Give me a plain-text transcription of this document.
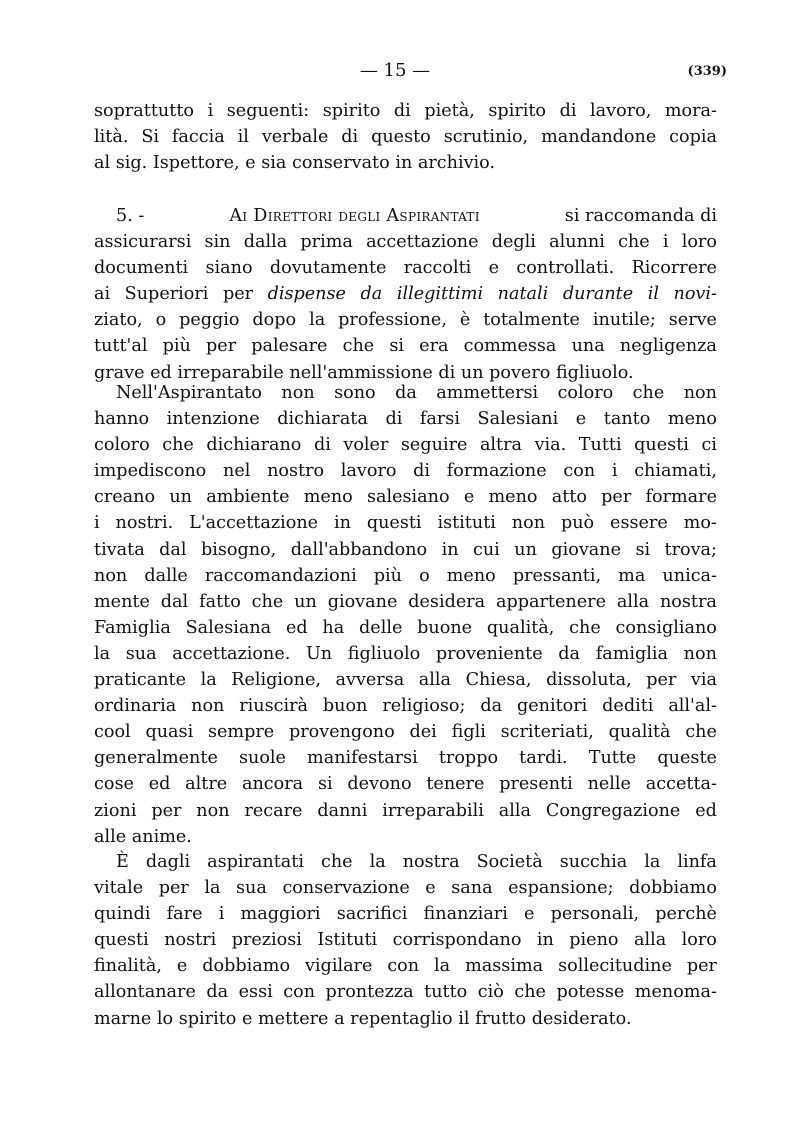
— 15 —	(339)
soprattutto i seguenti: spirito di pietà, spirito di lavoro, mora-
lità. Si faccia il verbale di questo scrutinio, mandandone copia
al sig. Ispettore, e sia conservato in archivio.
5. -	Ai Direttori degli Aspirantati	si raccomanda di
assicurarsi sin dalla prima accettazione degli alunni che i loro
documenti siano dovutamente raccolti e controllati. Ricorrere
ai Superiori per dispense da illegittimi natali durante il novi-
ziato, o peggio dopo la professione, è totalmente inutile; serve
tutt'al più per palesare che si era commessa una negligenza
grave ed irreparabile nell'ammissione di un povero figliuolo.
Nell'Aspirantato non sono da ammettersi coloro che non
hanno intenzione dichiarata di farsi Salesiani e tanto meno
coloro che dichiarano di voler seguire altra via. Tutti questi ci
impediscono nel nostro lavoro di formazione con i chiamati,
creano un ambiente meno salesiano e meno atto per formare
i nostri. L'accettazione in questi istituti non può essere mo-
tivata dal bisogno, dall'abbandono in cui un giovane si trova;
non dalle raccomandazioni più o meno pressanti, ma unica-
mente dal fatto che un giovane desidera appartenere alla nostra
Famiglia Salesiana ed ha delle buone qualità, che consigliano
la sua accettazione. Un figliuolo proveniente da famiglia non
praticante la Religione, avversa alla Chiesa, dissoluta, per via
ordinaria non riuscirà buon religioso; da genitori dediti all'al-
cool quasi sempre provengono dei figli scriteriati, qualità che
generalmente suole manifestarsi troppo tardi. Tutte queste
cose ed altre ancora si devono tenere presenti nelle accetta-
zioni per non recare danni irreparabili alla Congregazione ed
alle anime.
È dagli aspirantati che la nostra Società succhia la linfa
vitale per la sua conservazione e sana espansione; dobbiamo
quindi fare i maggiori sacrifici finanziari e personali, perchè
questi nostri preziosi Istituti corrispondano in pieno alla loro
finalità, e dobbiamo vigilare con la massima sollecitudine per
allontanare da essi con prontezza tutto ciò che potesse menoma-
marne lo spirito e mettere a repentaglio il frutto desiderato.
